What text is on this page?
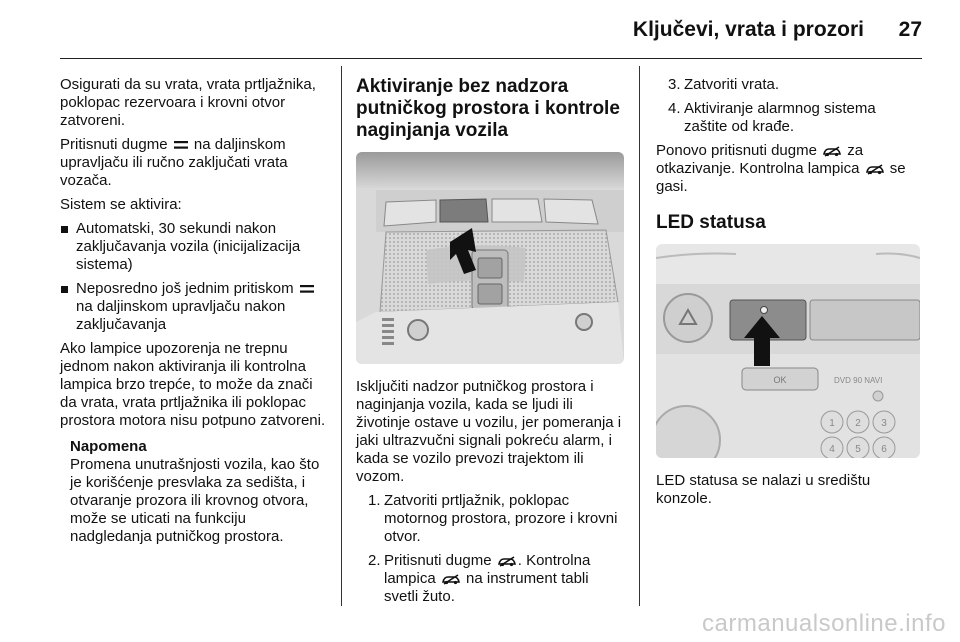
Ključevi, vrata i prozori 27

Osigurati da su vrata, vrata prtljažnika, poklopac rezervoara i krovni otvor zatvoreni.

Pritisnuti dugme na daljinskom upravljaču ili ručno zaključati vrata vozača.

Sistem se aktivira:

Automatski, 30 sekundi nakon zaključavanja vozila (inicijalizacija sistema)
Neposredno još jednim pritiskom  na daljinskom upravljaču nakon zaključavanja

Ako lampice upozorenja ne trepnu jednom nakon aktiviranja ili kontrolna lampica brzo trepće, to može da znači da vrata, vrata prtljažnika ili poklopac prostora motora nisu potpuno zatvoreni.

Napomena
Promena unutrašnjosti vozila, kao što je korišćenje presvlaka za sedišta, i otvaranje prozora ili krovnog otvora, može se uticati na funkciju nadgledanja putničkog prostora.
Aktiviranje bez nadzora putničkog prostora i kontrole naginjanja vozila

Isključiti nadzor putničkog prostora i naginjanja vozila, kada se ljudi ili životinje ostave u vozilu, jer pomeranja i jaki ultrazvučni signali pokreću alarm, i kada se vozilo prevozi trajektom ili vozom.

1. Zatvoriti prtljažnik, poklopac motornog prostora, prozore i krovni otvor.
2. Pritisnuti dugme . Kontrolna lampica na instrument tabli svetli žuto.
3. Zatvoriti vrata.
4. Aktiviranje alarmnog sistema zaštite od krađe.

Ponovo pritisnuti dugme za otkazivanje. Kontrolna lampica se gasi.

LED statusa
OK	DVD 90 NAVI
1 2 3
4 5 6

LED statusa se nalazi u središtu konzole.

carmanualsonline.info
